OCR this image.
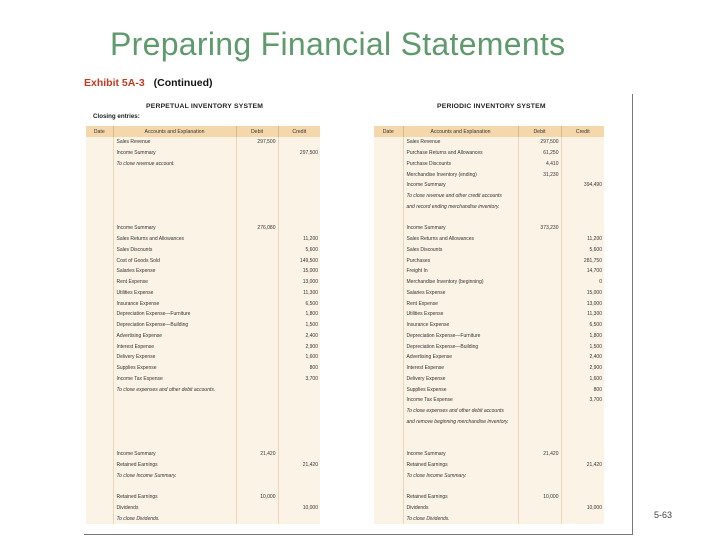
Preparing Financial Statements
Exhibit 5A-3 (Continued)
PERPETUAL INVENTORY SYSTEM	PERIODIC INVENTORY SYSTEM
Closing entries:
Date	Accounts and Explanation	Debit	Credit
	Sales Revenue	297,500	
	Income Summary		297,500
	To close revenue account.		

	Income Summary	276,080	
	Sales Returns and Allowances		11,200
	Sales Discounts		5,600
	Cost of Goods Sold		149,500
	Salaries Expense		15,000
	Rent Expense		13,000
	Utilities Expense		11,300
	Insurance Expense		6,500
	Depreciation Expense—Furniture		1,800
	Depreciation Expense—Building		1,500
	Advertising Expense		2,400
	Interest Expense		2,900
	Delivery Expense		1,600
	Supplies Expense		800
	Income Tax Expense		3,700
	To close expenses and other debit accounts.		

	Income Summary	21,420	
	Retained Earnings		21,420
	To close Income Summary.		

	Retained Earnings	10,000	
	Dividends		10,000
	To close Dividends.		
Date	Accounts and Explanation	Debit	Credit
	Sales Revenue	297,500	
	Purchase Returns and Allowances	61,250	
	Purchase Discounts	4,410	
	Merchandise Inventory (ending)	31,230	
	Income Summary		394,490
	To close revenue and other credit accounts		
	and record ending merchandise inventory.		

	Income Summary	373,230	
	Sales Returns and Allowances		11,200
	Sales Discounts		5,600
	Purchases		281,750
	Freight In		14,700
	Merchandise Inventory (beginning)		0
	Salaries Expense		15,000
	Rent Expense		13,000
	Utilities Expense		11,300
	Insurance Expense		6,500
	Depreciation Expense—Furniture		1,800
	Depreciation Expense—Building		1,500
	Advertising Expense		2,400
	Interest Expense		2,900
	Delivery Expense		1,600
	Supplies Expense		800
	Income Tax Expense		3,700
	To close expenses and other debit accounts		
	and remove beginning merchandise inventory.		

	Income Summary	21,420	
	Retained Earnings		21,420
	To close Income Summary.		

	Retained Earnings	10,000	
	Dividends		10,000
	To close Dividends.			5-63
